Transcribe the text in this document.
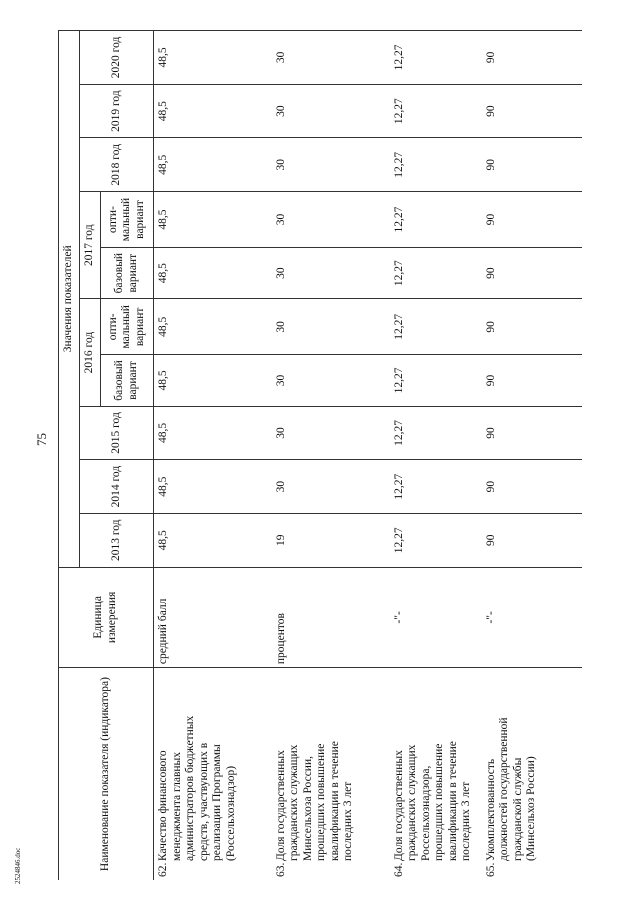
75
Наименование показателя (индикатора)	Единица измерения	Значения показателей									
		2013 год	2014 год	2015 год	2016 год		2017 год		2018 год	2019 год	2020 год
					базовый вариант	опти-мальный вариант	базовый вариант	опти-мальный вариант			
62.Качество финансового менеджмента главных администраторов бюджетных средств, участвующих в реализации Программы (Россельхознадзор)	средний балл	48,5	48,5	48,5	48,5	48,5	48,5	48,5	48,5	48,5	48,5
63.Доля государственных гражданских служащих Минсельхоза России, прошедших повышение квалификации в течение последних 3 лет	процентов	19	30	30	30	30	30	30	30	30	30
64.Доля государственных гражданских служащих Россельхознадзора, прошедших повышение квалификации в течение последних 3 лет	-"-	12,27	12,27	12,27	12,27	12,27	12,27	12,27	12,27	12,27	12,27
65.Укомплектованность должностей государственной гражданской службы (Минсельхоз России)	-"-	90	90	90	90	90	90	90	90	90	90
2524846.doc
